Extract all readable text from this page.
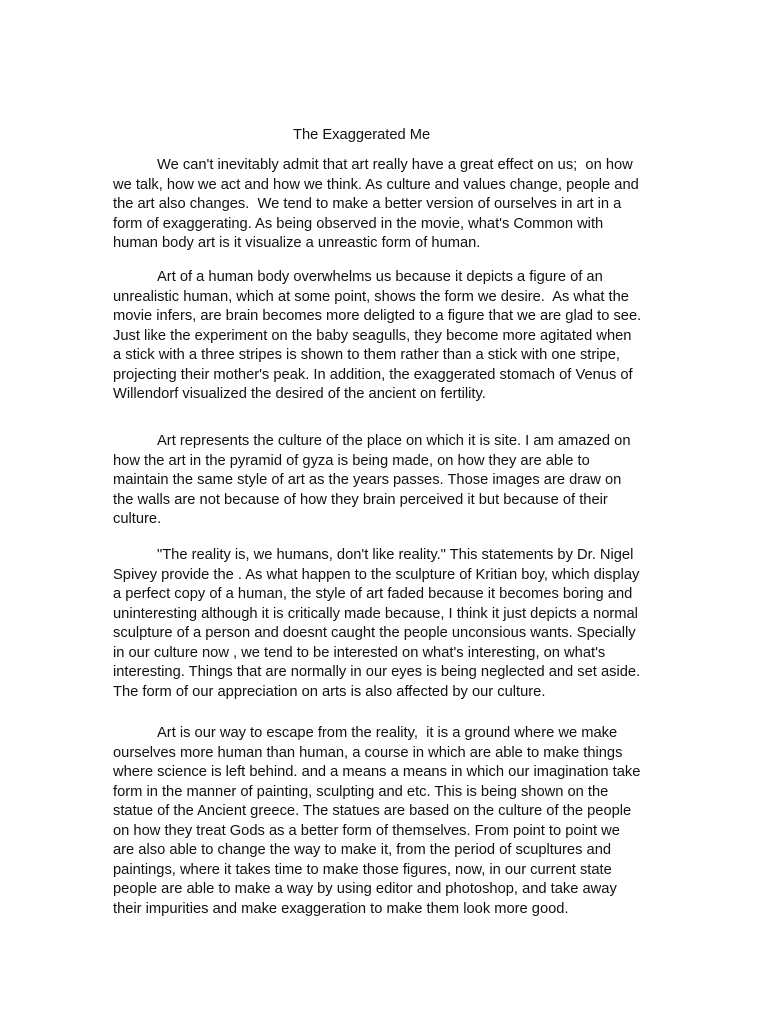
The Exaggerated Me

We can't inevitably admit that art really have a great effect on us;  on how
we talk, how we act and how we think. As culture and values change, people and
the art also changes.  We tend to make a better version of ourselves in art in a
form of exaggerating. As being observed in the movie, what's Common with
human body art is it visualize a unreastic form of human.

Art of a human body overwhelms us because it depicts a figure of an
unrealistic human, which at some point, shows the form we desire.  As what the
movie infers, are brain becomes more deligted to a figure that we are glad to see.
Just like the experiment on the baby seagulls, they become more agitated when
a stick with a three stripes is shown to them rather than a stick with one stripe,
projecting their mother's peak. In addition, the exaggerated stomach of Venus of
Willendorf visualized the desired of the ancient on fertility.

Art represents the culture of the place on which it is site. I am amazed on
how the art in the pyramid of gyza is being made, on how they are able to
maintain the same style of art as the years passes. Those images are draw on
the walls are not because of how they brain perceived it but because of their
culture.

"The reality is, we humans, don't like reality." This statements by Dr. Nigel
Spivey provide the . As what happen to the sculpture of Kritian boy, which display
a perfect copy of a human, the style of art faded because it becomes boring and
uninteresting although it is critically made because, I think it just depicts a normal
sculpture of a person and doesnt caught the people unconsious wants. Specially
in our culture now , we tend to be interested on what's interesting, on what's
interesting. Things that are normally in our eyes is being neglected and set aside.
The form of our appreciation on arts is also affected by our culture.

Art is our way to escape from the reality,  it is a ground where we make
ourselves more human than human, a course in which are able to make things
where science is left behind. and a means a means in which our imagination take
form in the manner of painting, sculpting and etc. This is being shown on the
statue of the Ancient greece. The statues are based on the culture of the people
on how they treat Gods as a better form of themselves. From point to point we
are also able to change the way to make it, from the period of scupltures and
paintings, where it takes time to make those figures, now, in our current state
people are able to make a way by using editor and photoshop, and take away
their impurities and make exaggeration to make them look more good.
